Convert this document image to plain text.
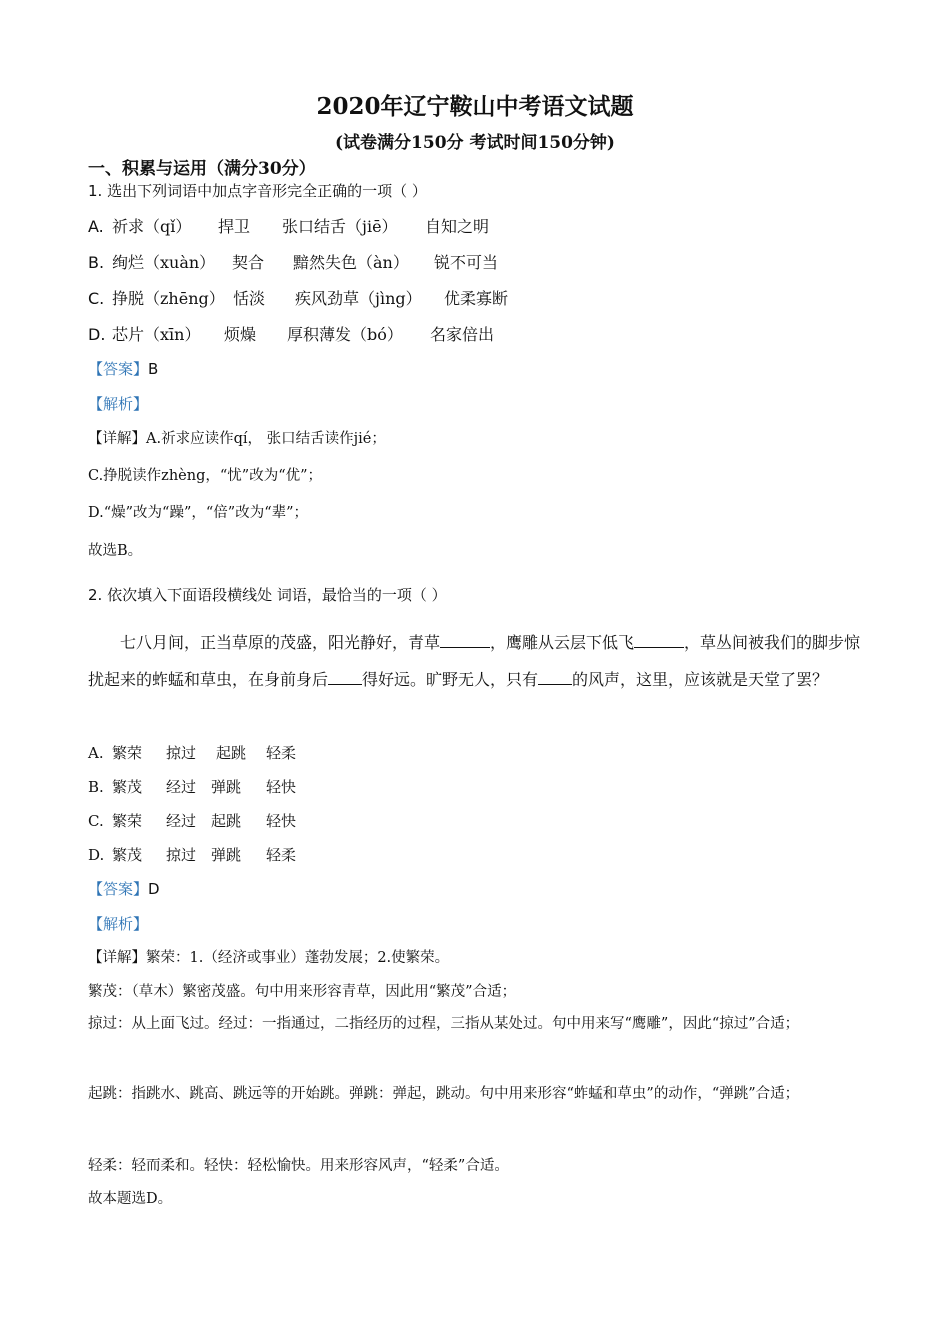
2020年辽宁鞍山中考语文试题
(试卷满分150分 考试时间150分钟)
一、积累与运用（满分30分）
1. 选出下列词语中加点字音形完全正确的一项（ ）
A. 祈求（qǐ） 捍卫 张口结舌（jiē） 自知之明
B. 绚烂（xuàn） 契合 黯然失色（àn） 锐不可当
C. 挣脱（zhēng） 恬淡 疾风劲草（jìng） 优柔寡断
D. 芯片（xīn） 烦燥 厚积薄发（bó） 名家倍出
【答案】B
【解析】
【详解】A.祈求应读作qí， 张口结舌读作jié；
C.挣脱读作zhèng，“忧”改为“优”；
D.“燥”改为“躁”，“倍”改为“辈”；
故选B。
2. 依次填入下面语段横线处 词语，最恰当的一项（ ）
七八月间，正当草原的茂盛，阳光静好，青草	，鹰雕从云层下低飞	，草丛间被我们的脚步惊扰起来的蚱蜢和草虫，在身前身后 得好远。旷野无人，只有 的风声，这里，应该就是天堂了罢？
A. 繁荣 掠过 起跳 轻柔
B. 繁茂 经过 弹跳 轻快
C. 繁荣 经过 起跳 轻快
D. 繁茂 掠过 弹跳 轻柔
【答案】D
【解析】
【详解】繁荣：1.（经济或事业）蓬勃发展；2.使繁荣。
繁茂：（草木）繁密茂盛。句中用来形容青草，因此用“繁茂”合适；
掠过：从上面飞过。经过：一指通过，二指经历的过程，三指从某处过。句中用来写“鹰雕”，因此“掠过”合适；
起跳：指跳水、跳高、跳远等的开始跳。弹跳：弹起，跳动。句中用来形容“蚱蜢和草虫”的动作，“弹跳”合适；
轻柔：轻而柔和。轻快：轻松愉快。用来形容风声，“轻柔”合适。
故本题选D。
